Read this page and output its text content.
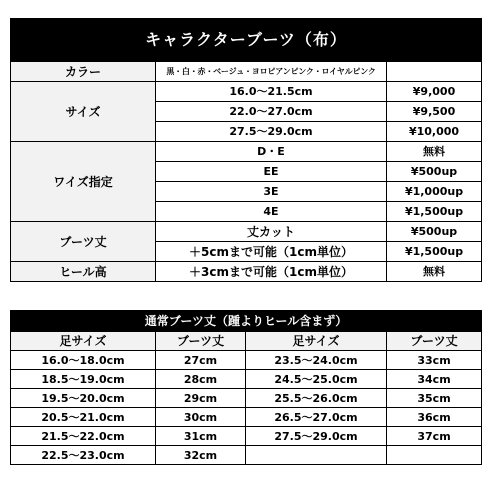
キャラクターブーツ（布）		
カラー	黒・白・赤・ベージュ・ヨロピアンピンク・ロイヤルピンク	
サイズ	16.0～21.5cm	¥9,000
	22.0～27.0cm	¥9,500
	27.5～29.0cm	¥10,000
ワイズ指定	D・E	無料
	EE	¥500up
	3E	¥1,000up
	4E	¥1,500up
ブーツ丈	丈カット	¥500up
	＋5cmまで可能（1cm単位）	¥1,500up
ヒール高	＋3cmまで可能（1cm単位）	無料
通常ブーツ丈（踵よりヒール含まず）			
足サイズ	ブーツ丈	足サイズ	ブーツ丈
16.0～18.0cm	27cm	23.5～24.0cm	33cm
18.5～19.0cm	28cm	24.5～25.0cm	34cm
19.5～20.0cm	29cm	25.5～26.0cm	35cm
20.5～21.0cm	30cm	26.5～27.0cm	36cm
21.5～22.0cm	31cm	27.5～29.0cm	37cm
22.5～23.0cm	32cm		
